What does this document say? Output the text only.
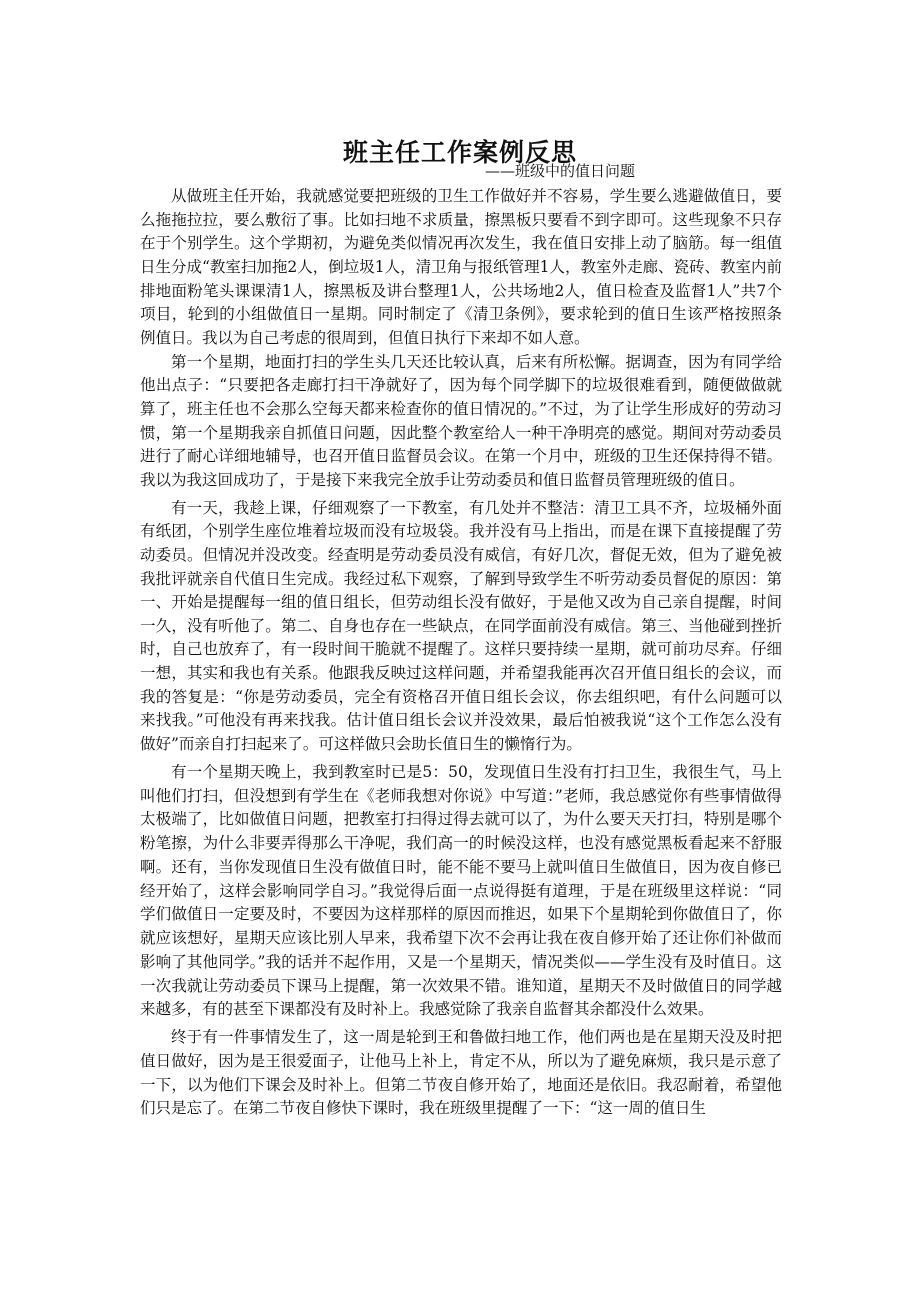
班主任工作案例反思
——班级中的值日问题

从做班主任开始，我就感觉要把班级的卫生工作做好并不容易，学生要么逃避做值日，要么拖拖拉拉，要么敷衍了事。比如扫地不求质量，擦黑板只要看不到字即可。这些现象不只存在于个别学生。这个学期初，为避免类似情况再次发生，我在值日安排上动了脑筋。每一组值日生分成“教室扫加拖2人，倒垃圾1人，清卫角与报纸管理1人，教室外走廊、瓷砖、教室内前排地面粉笔头课课清1人，擦黑板及讲台整理1人，公共场地2人，值日检查及监督1人”共7个项目，轮到的小组做值日一星期。同时制定了《清卫条例》，要求轮到的值日生该严格按照条例值日。我以为自己考虑的很周到，但值日执行下来却不如人意。

第一个星期，地面打扫的学生头几天还比较认真，后来有所松懈。据调查，因为有同学给他出点子：“只要把各走廊打扫干净就好了，因为每个同学脚下的垃圾很难看到，随便做做就算了，班主任也不会那么空每天都来检查你的值日情况的。”不过，为了让学生形成好的劳动习惯，第一个星期我亲自抓值日问题，因此整个教室给人一种干净明亮的感觉。期间对劳动委员进行了耐心详细地辅导，也召开值日监督员会议。在第一个月中，班级的卫生还保持得不错。我以为我这回成功了，于是接下来我完全放手让劳动委员和值日监督员管理班级的值日。

有一天，我趁上课，仔细观察了一下教室，有几处并不整洁：清卫工具不齐，垃圾桶外面有纸团，个别学生座位堆着垃圾而没有垃圾袋。我并没有马上指出，而是在课下直接提醒了劳动委员。但情况并没改变。经查明是劳动委员没有威信，有好几次，督促无效，但为了避免被我批评就亲自代值日生完成。我经过私下观察，了解到导致学生不听劳动委员督促的原因：第一、开始是提醒每一组的值日组长，但劳动组长没有做好，于是他又改为自己亲自提醒，时间一久，没有听他了。第二、自身也存在一些缺点，在同学面前没有威信。第三、当他碰到挫折时，自己也放弃了，有一段时间干脆就不提醒了。这样只要持续一星期，就可前功尽弃。仔细一想，其实和我也有关系。他跟我反映过这样问题，并希望我能再次召开值日组长的会议，而我的答复是：“你是劳动委员，完全有资格召开值日组长会议，你去组织吧，有什么问题可以来找我。”可他没有再来找我。估计值日组长会议并没效果，最后怕被我说“这个工作怎么没有做好”而亲自打扫起来了。可这样做只会助长值日生的懒惰行为。

有一个星期天晚上，我到教室时已是5：50，发现值日生没有打扫卫生，我很生气，马上叫他们打扫，但没想到有学生在《老师我想对你说》中写道：”老师，我总感觉你有些事情做得太极端了，比如做值日问题，把教室打扫得过得去就可以了，为什么要天天打扫，特别是哪个粉笔擦，为什么非要弄得那么干净呢，我们高一的时候没这样，也没有感觉黑板看起来不舒服啊。还有，当你发现值日生没有做值日时，能不能不要马上就叫值日生做值日，因为夜自修已经开始了，这样会影响同学自习。”我觉得后面一点说得挺有道理，于是在班级里这样说：“同学们做值日一定要及时，不要因为这样那样的原因而推迟，如果下个星期轮到你做值日了，你就应该想好，星期天应该比别人早来，我希望下次不会再让我在夜自修开始了还让你们补做而影响了其他同学。”我的话并不起作用，又是一个星期天，情况类似——学生没有及时值日。这一次我就让劳动委员下课马上提醒，第一次效果不错。谁知道，星期天不及时做值日的同学越来越多，有的甚至下课都没有及时补上。我感觉除了我亲自监督其余都没什么效果。

终于有一件事情发生了，这一周是轮到王和鲁做扫地工作，他们两也是在星期天没及时把值日做好，因为是王很爱面子，让他马上补上，肯定不从，所以为了避免麻烦，我只是示意了一下，以为他们下课会及时补上。但第二节夜自修开始了，地面还是依旧。我忍耐着，希望他们只是忘了。在第二节夜自修快下课时，我在班级里提醒了一下：“这一周的值日生
